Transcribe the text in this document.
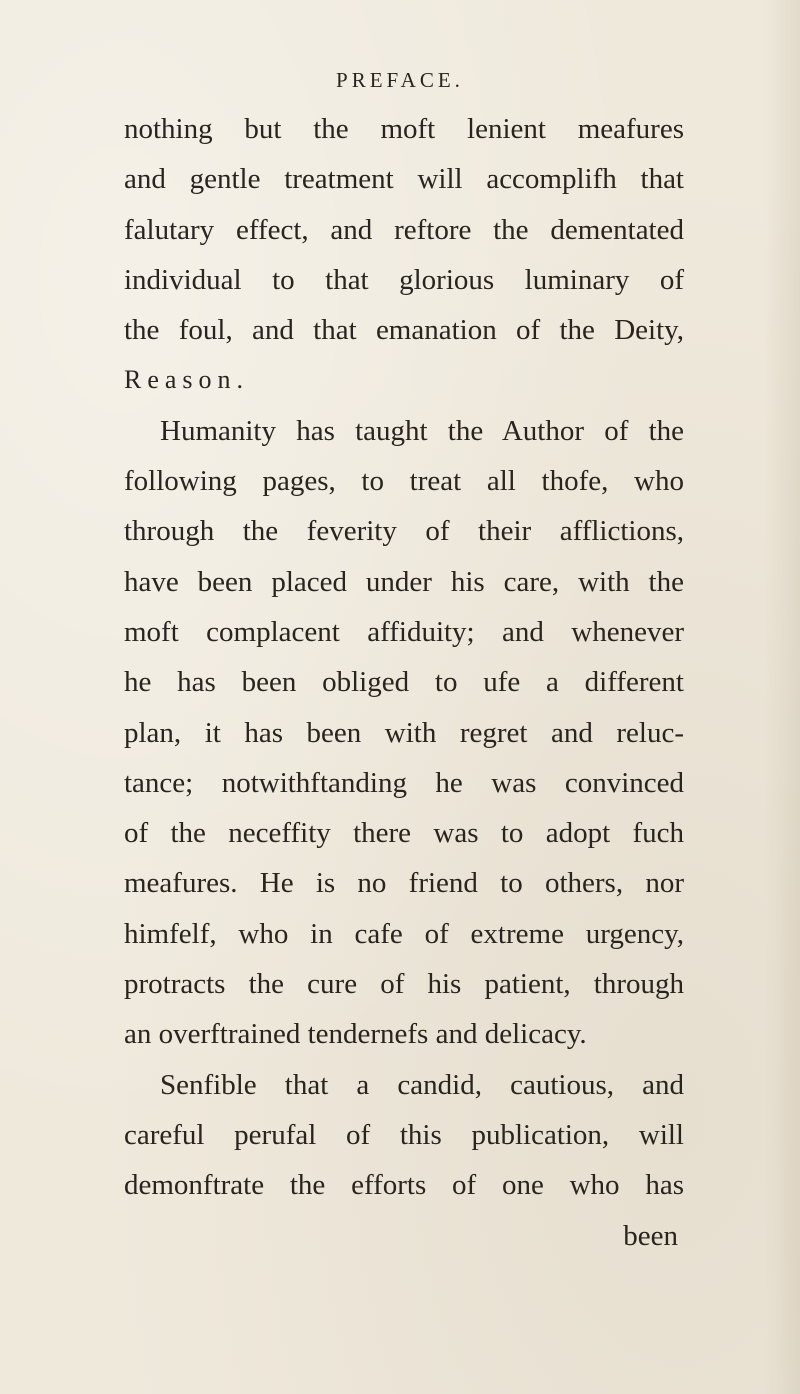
PREFACE.
nothing but the moft lenient meafures
and gentle treatment will accomplifh that
falutary effect, and reftore the dementated
individual to that glorious luminary of
the foul, and that emanation of the Deity,
Reason.
Humanity has taught the Author of the
following pages, to treat all thofe, who
through the feverity of their afflictions,
have been placed under his care, with the
moft complacent affiduity; and whenever
he has been obliged to ufe a different
plan, it has been with regret and reluc-
tance; notwithftanding he was convinced
of the neceffity there was to adopt fuch
meafures. He is no friend to others, nor
himfelf, who in cafe of extreme urgency,
protracts the cure of his patient, through
an overftrained tendernefs and delicacy.
Senfible that a candid, cautious, and
careful perufal of this publication, will
demonftrate the efforts of one who has
been
